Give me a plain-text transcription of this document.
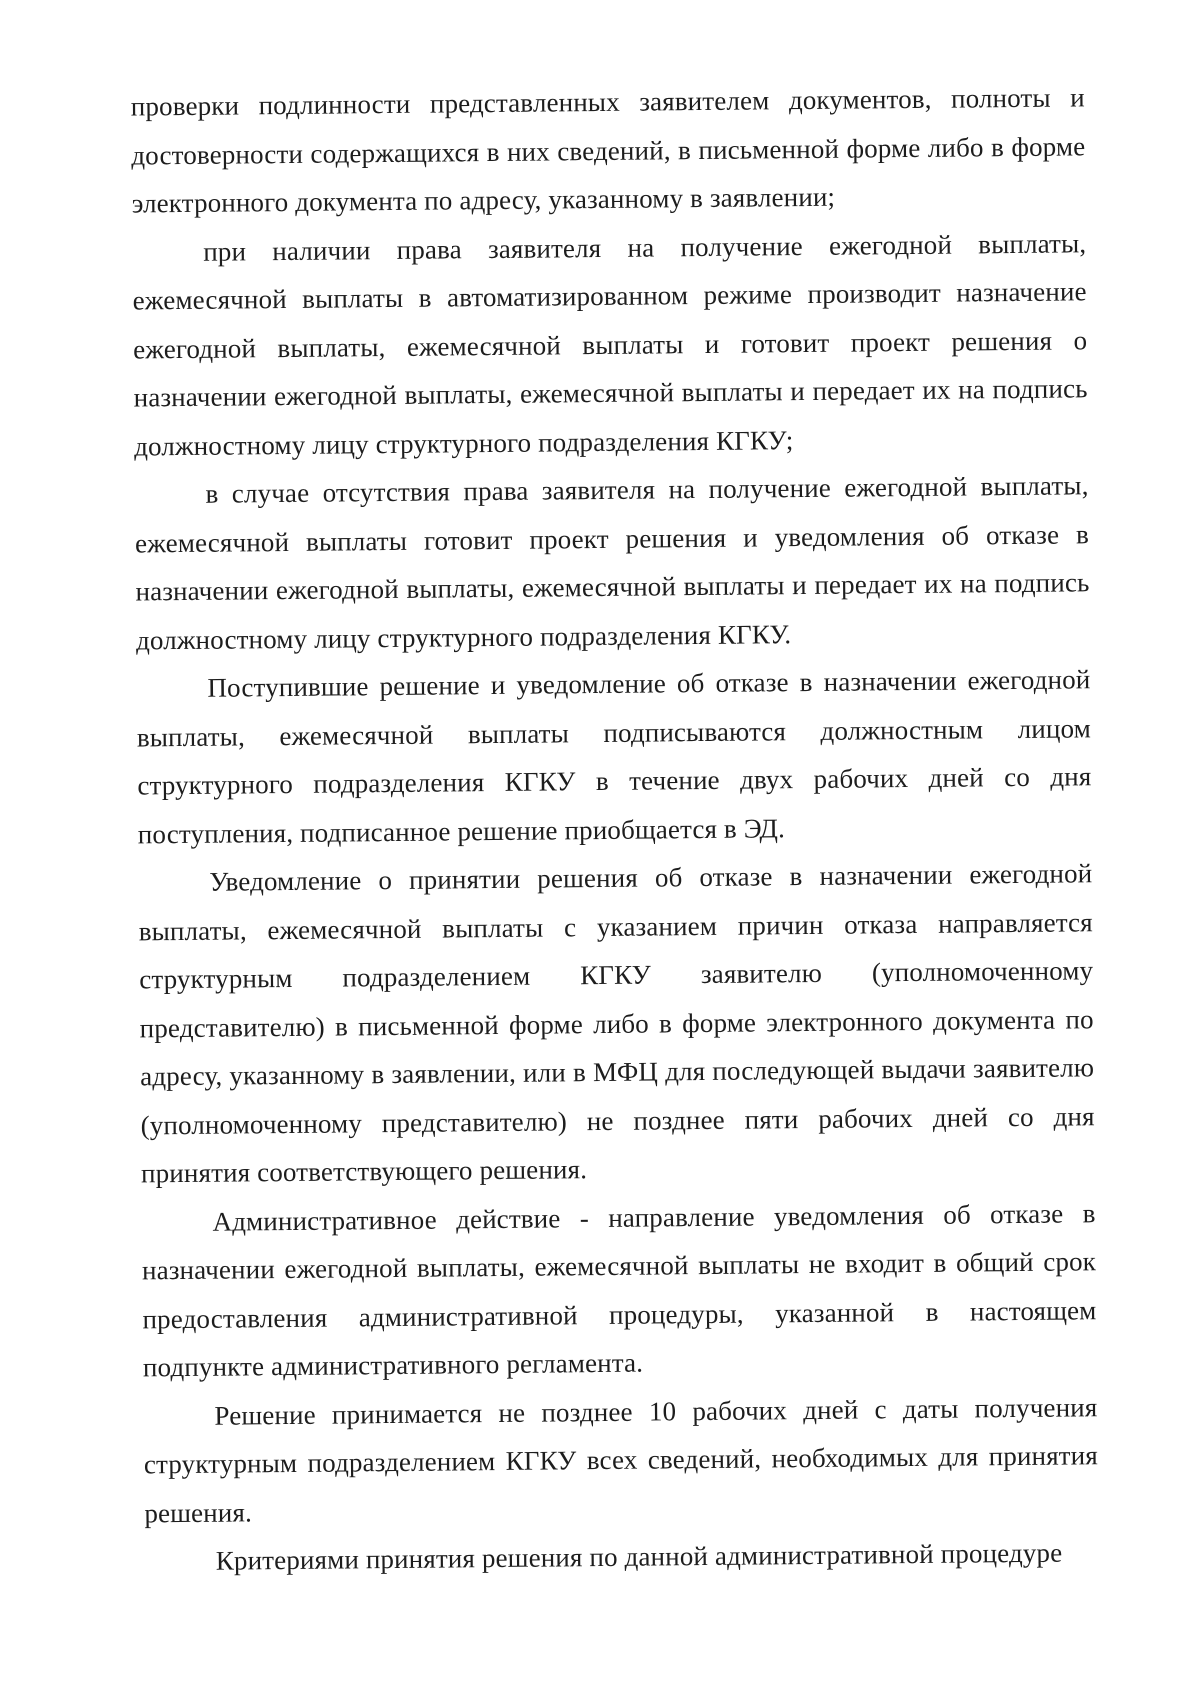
проверки подлинности представленных заявителем документов, полноты и достоверности содержащихся в них сведений, в письменной форме либо в форме электронного документа по адресу, указанному в заявлении;

при наличии права заявителя на получение ежегодной выплаты, ежемесячной выплаты в автоматизированном режиме производит назначение ежегодной выплаты, ежемесячной выплаты и готовит проект решения о назначении ежегодной выплаты, ежемесячной выплаты и передает их на подпись должностному лицу структурного подразделения КГКУ;

в случае отсутствия права заявителя на получение ежегодной выплаты, ежемесячной выплаты готовит проект решения и уведомления об отказе в назначении ежегодной выплаты, ежемесячной выплаты и передает их на подпись должностному лицу структурного подразделения КГКУ.

Поступившие решение и уведомление об отказе в назначении ежегодной выплаты, ежемесячной выплаты подписываются должностным лицом структурного подразделения КГКУ в течение двух рабочих дней со дня поступления, подписанное решение приобщается в ЭД.

Уведомление о принятии решения об отказе в назначении ежегодной выплаты, ежемесячной выплаты с указанием причин отказа направляется структурным подразделением КГКУ заявителю (уполномоченному представителю) в письменной форме либо в форме электронного документа по адресу, указанному в заявлении, или в МФЦ для последующей выдачи заявителю (уполномоченному представителю) не позднее пяти рабочих дней со дня принятия соответствующего решения.

Административное действие - направление уведомления об отказе в назначении ежегодной выплаты, ежемесячной выплаты не входит в общий срок предоставления административной процедуры, указанной в настоящем подпункте административного регламента.

Решение принимается не позднее 10 рабочих дней с даты получения структурным подразделением КГКУ всех сведений, необходимых для принятия решения.

Критериями принятия решения по данной административной процедуре
